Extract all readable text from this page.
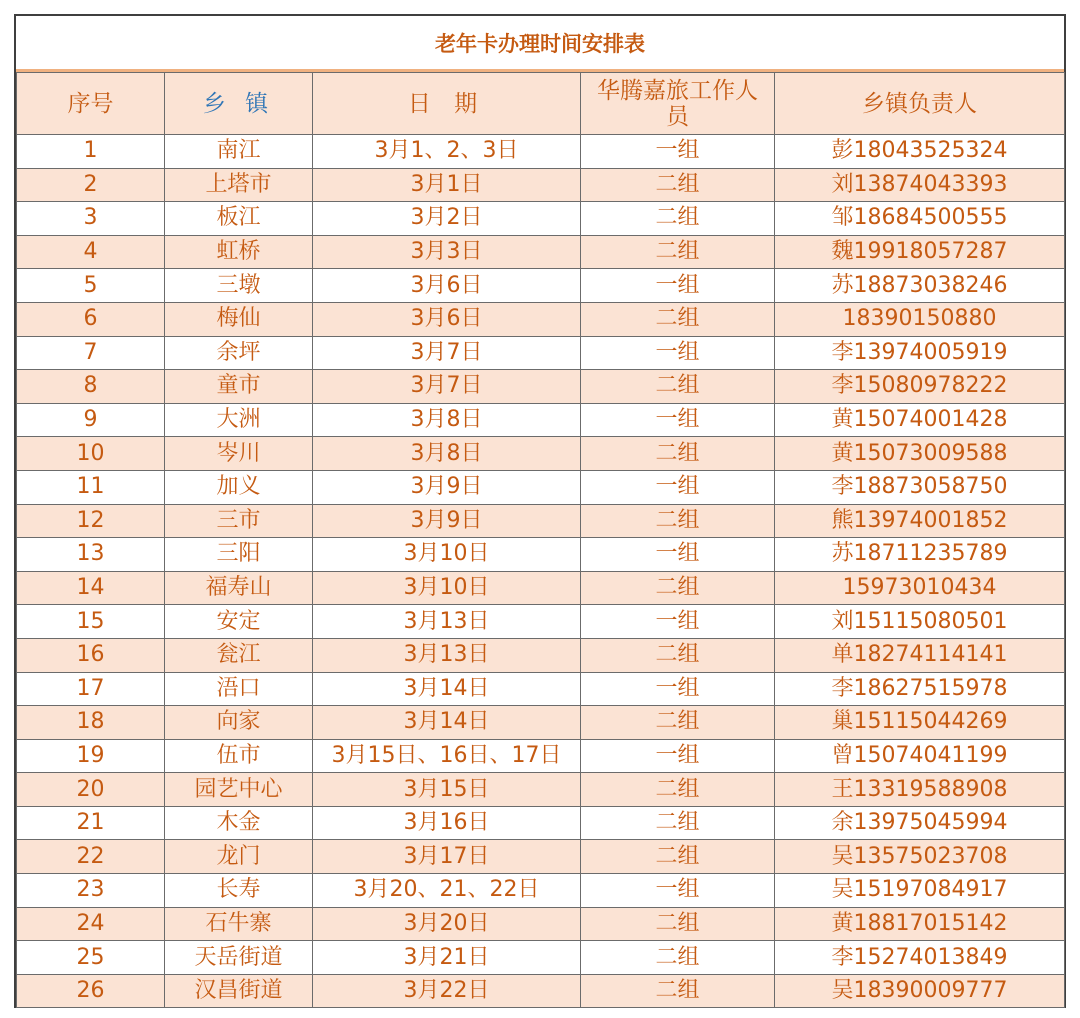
老年卡办理时间安排表
序号	乡 镇	日 期	华腾嘉旅工作人员	乡镇负责人
1	南江	3月1、2、3日	一组	彭18043525324
2	上塔市	3月1日	二组	刘13874043393
3	板江	3月2日	二组	邹18684500555
4	虹桥	3月3日	二组	魏19918057287
5	三墩	3月6日	一组	苏18873038246
6	梅仙	3月6日	二组	18390150880
7	余坪	3月7日	一组	李13974005919
8	童市	3月7日	二组	李15080978222
9	大洲	3月8日	一组	黄15074001428
10	岑川	3月8日	二组	黄15073009588
11	加义	3月9日	一组	李18873058750
12	三市	3月9日	二组	熊13974001852
13	三阳	3月10日	一组	苏18711235789
14	福寿山	3月10日	二组	15973010434
15	安定	3月13日	一组	刘15115080501
16	瓮江	3月13日	二组	单18274114141
17	浯口	3月14日	一组	李18627515978
18	向家	3月14日	二组	巢15115044269
19	伍市	3月15日、16日、17日	一组	曾15074041199
20	园艺中心	3月15日	二组	王13319588908
21	木金	3月16日	二组	余13975045994
22	龙门	3月17日	二组	吴13575023708
23	长寿	3月20、21、22日	一组	吴15197084917
24	石牛寨	3月20日	二组	黄18817015142
25	天岳街道	3月21日	二组	李15274013849
26	汉昌街道	3月22日	二组	吴18390009777
